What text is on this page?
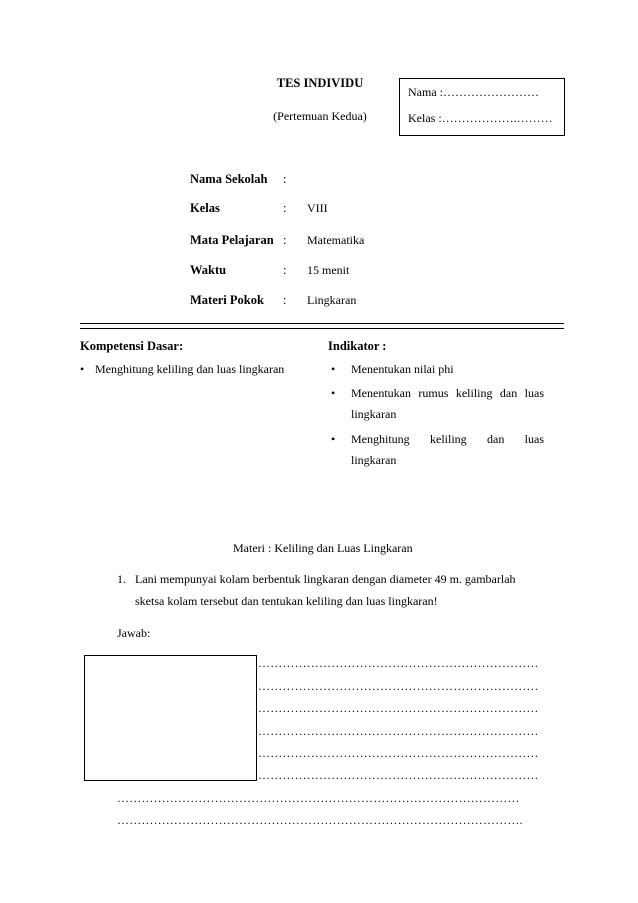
TES INDIVIDU
(Pertemuan Kedua)
Nama :……………………
Kelas :……………….………
Nama Sekolah :
Kelas	: VIII
Mata Pelajaran : Matematika
Waktu	: 15 menit
Materi Pokok : Lingkaran
Kompetensi Dasar:
• Menghitung keliling dan luas lingkaran
Indikator :
• Menentukan nilai phi
• Menentukan rumus keliling dan luas
lingkaran
• Menghitung keliling dan luas
lingkaran
Materi : Keliling dan Luas Lingkaran
1. Lani mempunyai kolam berbentuk lingkaran dengan diameter 49 m. gambarlah
sketsa kolam tersebut dan tentukan keliling dan luas lingkaran!
Jawab:
……………………………………………………………
……………………………………………………………
……………………………………………………………
……………………………………………………………
……………………………………………………………
……………………………………………………………
………………………………………………………………………………………
……………………………………………………………………………………….
